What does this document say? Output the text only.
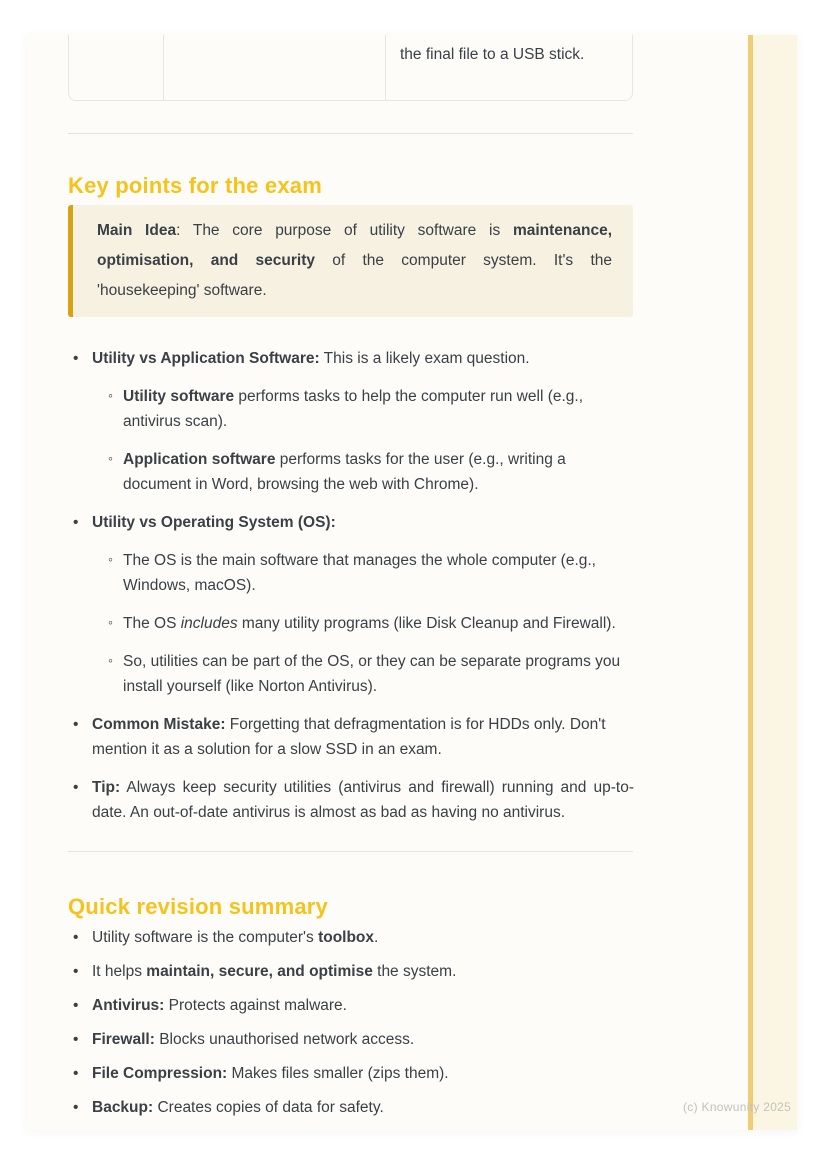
the final file to a USB stick.
Key points for the exam
Main Idea: The core purpose of utility software is maintenance, optimisation, and security of the computer system. It's the 'housekeeping' software.
• Utility vs Application Software: This is a likely exam question.
◦ Utility software performs tasks to help the computer run well (e.g., antivirus scan).
◦ Application software performs tasks for the user (e.g., writing a document in Word, browsing the web with Chrome).
• Utility vs Operating System (OS):
◦ The OS is the main software that manages the whole computer (e.g., Windows, macOS).
◦ The OS includes many utility programs (like Disk Cleanup and Firewall).
◦ So, utilities can be part of the OS, or they can be separate programs you install yourself (like Norton Antivirus).
• Common Mistake: Forgetting that defragmentation is for HDDs only. Don't mention it as a solution for a slow SSD in an exam.
• Tip: Always keep security utilities (antivirus and firewall) running and up-to-date. An out-of-date antivirus is almost as bad as having no antivirus.
Quick revision summary
• Utility software is the computer's toolbox.
• It helps maintain, secure, and optimise the system.
• Antivirus: Protects against malware.
• Firewall: Blocks unauthorised network access.
• File Compression: Makes files smaller (zips them).
• Backup: Creates copies of data for safety.	(c) Knowunity 2025
